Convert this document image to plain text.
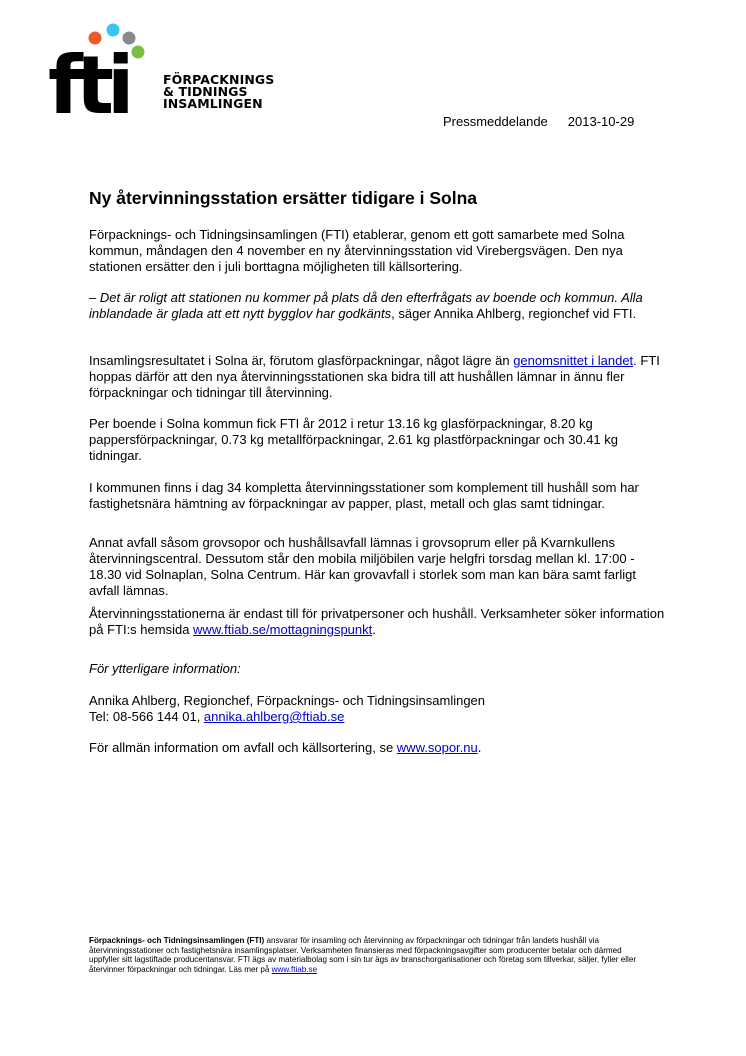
fti	FÖRPACKNINGS
& TIDNINGS
INSAMLINGEN
Pressmeddelande 2013-10-29
Ny återvinningsstation ersätter tidigare i Solna

Förpacknings- och Tidningsinsamlingen (FTI) etablerar, genom ett gott samarbete med Solna kommun, måndagen den 4 november en ny återvinningsstation vid Virebergsvägen. Den nya stationen ersätter den i juli borttagna möjligheten till källsortering.

– Det är roligt att stationen nu kommer på plats då den efterfrågats av boende och kommun. Alla inblandade är glada att ett nytt bygglov har godkänts, säger Annika Ahlberg, regionchef vid FTI.

Insamlingsresultatet i Solna är, förutom glasförpackningar, något lägre än genomsnittet i landet. FTI hoppas därför att den nya återvinningsstationen ska bidra till att hushållen lämnar in ännu fler förpackningar och tidningar till återvinning.

Per boende i Solna kommun fick FTI år 2012 i retur 13.16 kg glasförpackningar, 8.20 kg pappersförpackningar, 0.73 kg metallförpackningar, 2.61 kg plastförpackningar och 30.41 kg tidningar.

I kommunen finns i dag 34 kompletta återvinningsstationer som komplement till hushåll som har fastighetsnära hämtning av förpackningar av papper, plast, metall och glas samt tidningar.

Annat avfall såsom grovsopor och hushållsavfall lämnas i grovsoprum eller på Kvarnkullens återvinningscentral. Dessutom står den mobila miljöbilen varje helgfri torsdag mellan kl. 17:00 - 18.30 vid Solnaplan, Solna Centrum. Här kan grovavfall i storlek som man kan bära samt farligt avfall lämnas.

Återvinningsstationerna är endast till för privatpersoner och hushåll. Verksamheter söker information på FTI:s hemsida www.ftiab.se/mottagningspunkt.

För ytterligare information:

Annika Ahlberg, Regionchef, Förpacknings- och Tidningsinsamlingen
Tel: 08-566 144 01, annika.ahlberg@ftiab.se

För allmän information om avfall och källsortering, se www.sopor.nu.

Förpacknings- och Tidningsinsamlingen (FTI) ansvarar för insamling och återvinning av förpackningar och tidningar från landets hushåll via återvinningsstationer och fastighetsnära insamlingsplatser. Verksamheten finansieras med förpackningsavgifter som producenter betalar och därmed uppfyller sitt lagstiftade producentansvar. FTI ägs av materialbolag som i sin tur ägs av branschorganisationer och företag som tillverkar, säljer, fyller eller återvinner förpackningar och tidningar. Läs mer på www.ftiab.se
